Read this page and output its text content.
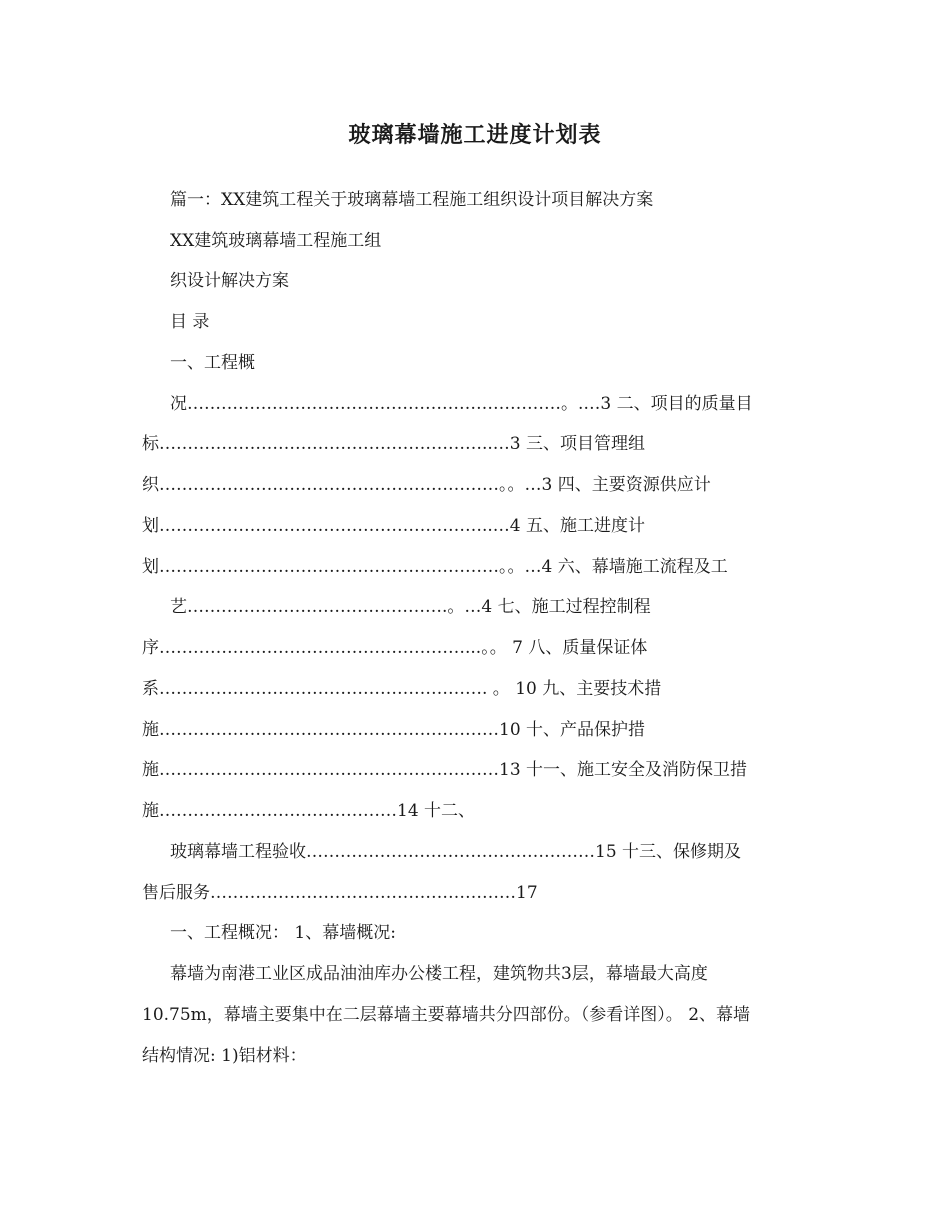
玻璃幕墙施工进度计划表
篇一：XX建筑工程关于玻璃幕墙工程施工组织设计项目解决方案
XX建筑玻璃幕墙工程施工组
织设计解决方案
目 录
一、工程概
况…………………………………………………………。.…3 二、项目的质量目
标…………………………………………………..…3 三、项目管理组
织……………………………………………………。。…3 四、主要资源供应计
划…………………………………………………..…4 五、施工进度计
划……………………………………………………。。…4 六、幕墙施工流程及工
艺……………………………………….。…4 七、施工过程控制程
序………………………………………………...。。 7 八、质量保证体
系…………………………………………………. 。 10 九、主要技术措
施……………………………………………………10 十、产品保护措
施……………………………………………………13 十一、施工安全及消防保卫措
施……………………………………14 十二、
玻璃幕墙工程验收……………………………………………15 十三、保修期及
售后服务………………………………………………17
一、工程概况： 1、幕墙概况:
幕墙为南港工业区成品油油库办公楼工程，建筑物共3层，幕墙最大高度
10.75m，幕墙主要集中在二层幕墙主要幕墙共分四部份。（参看详图）。 2、幕墙
结构情况: 1)铝材料：
